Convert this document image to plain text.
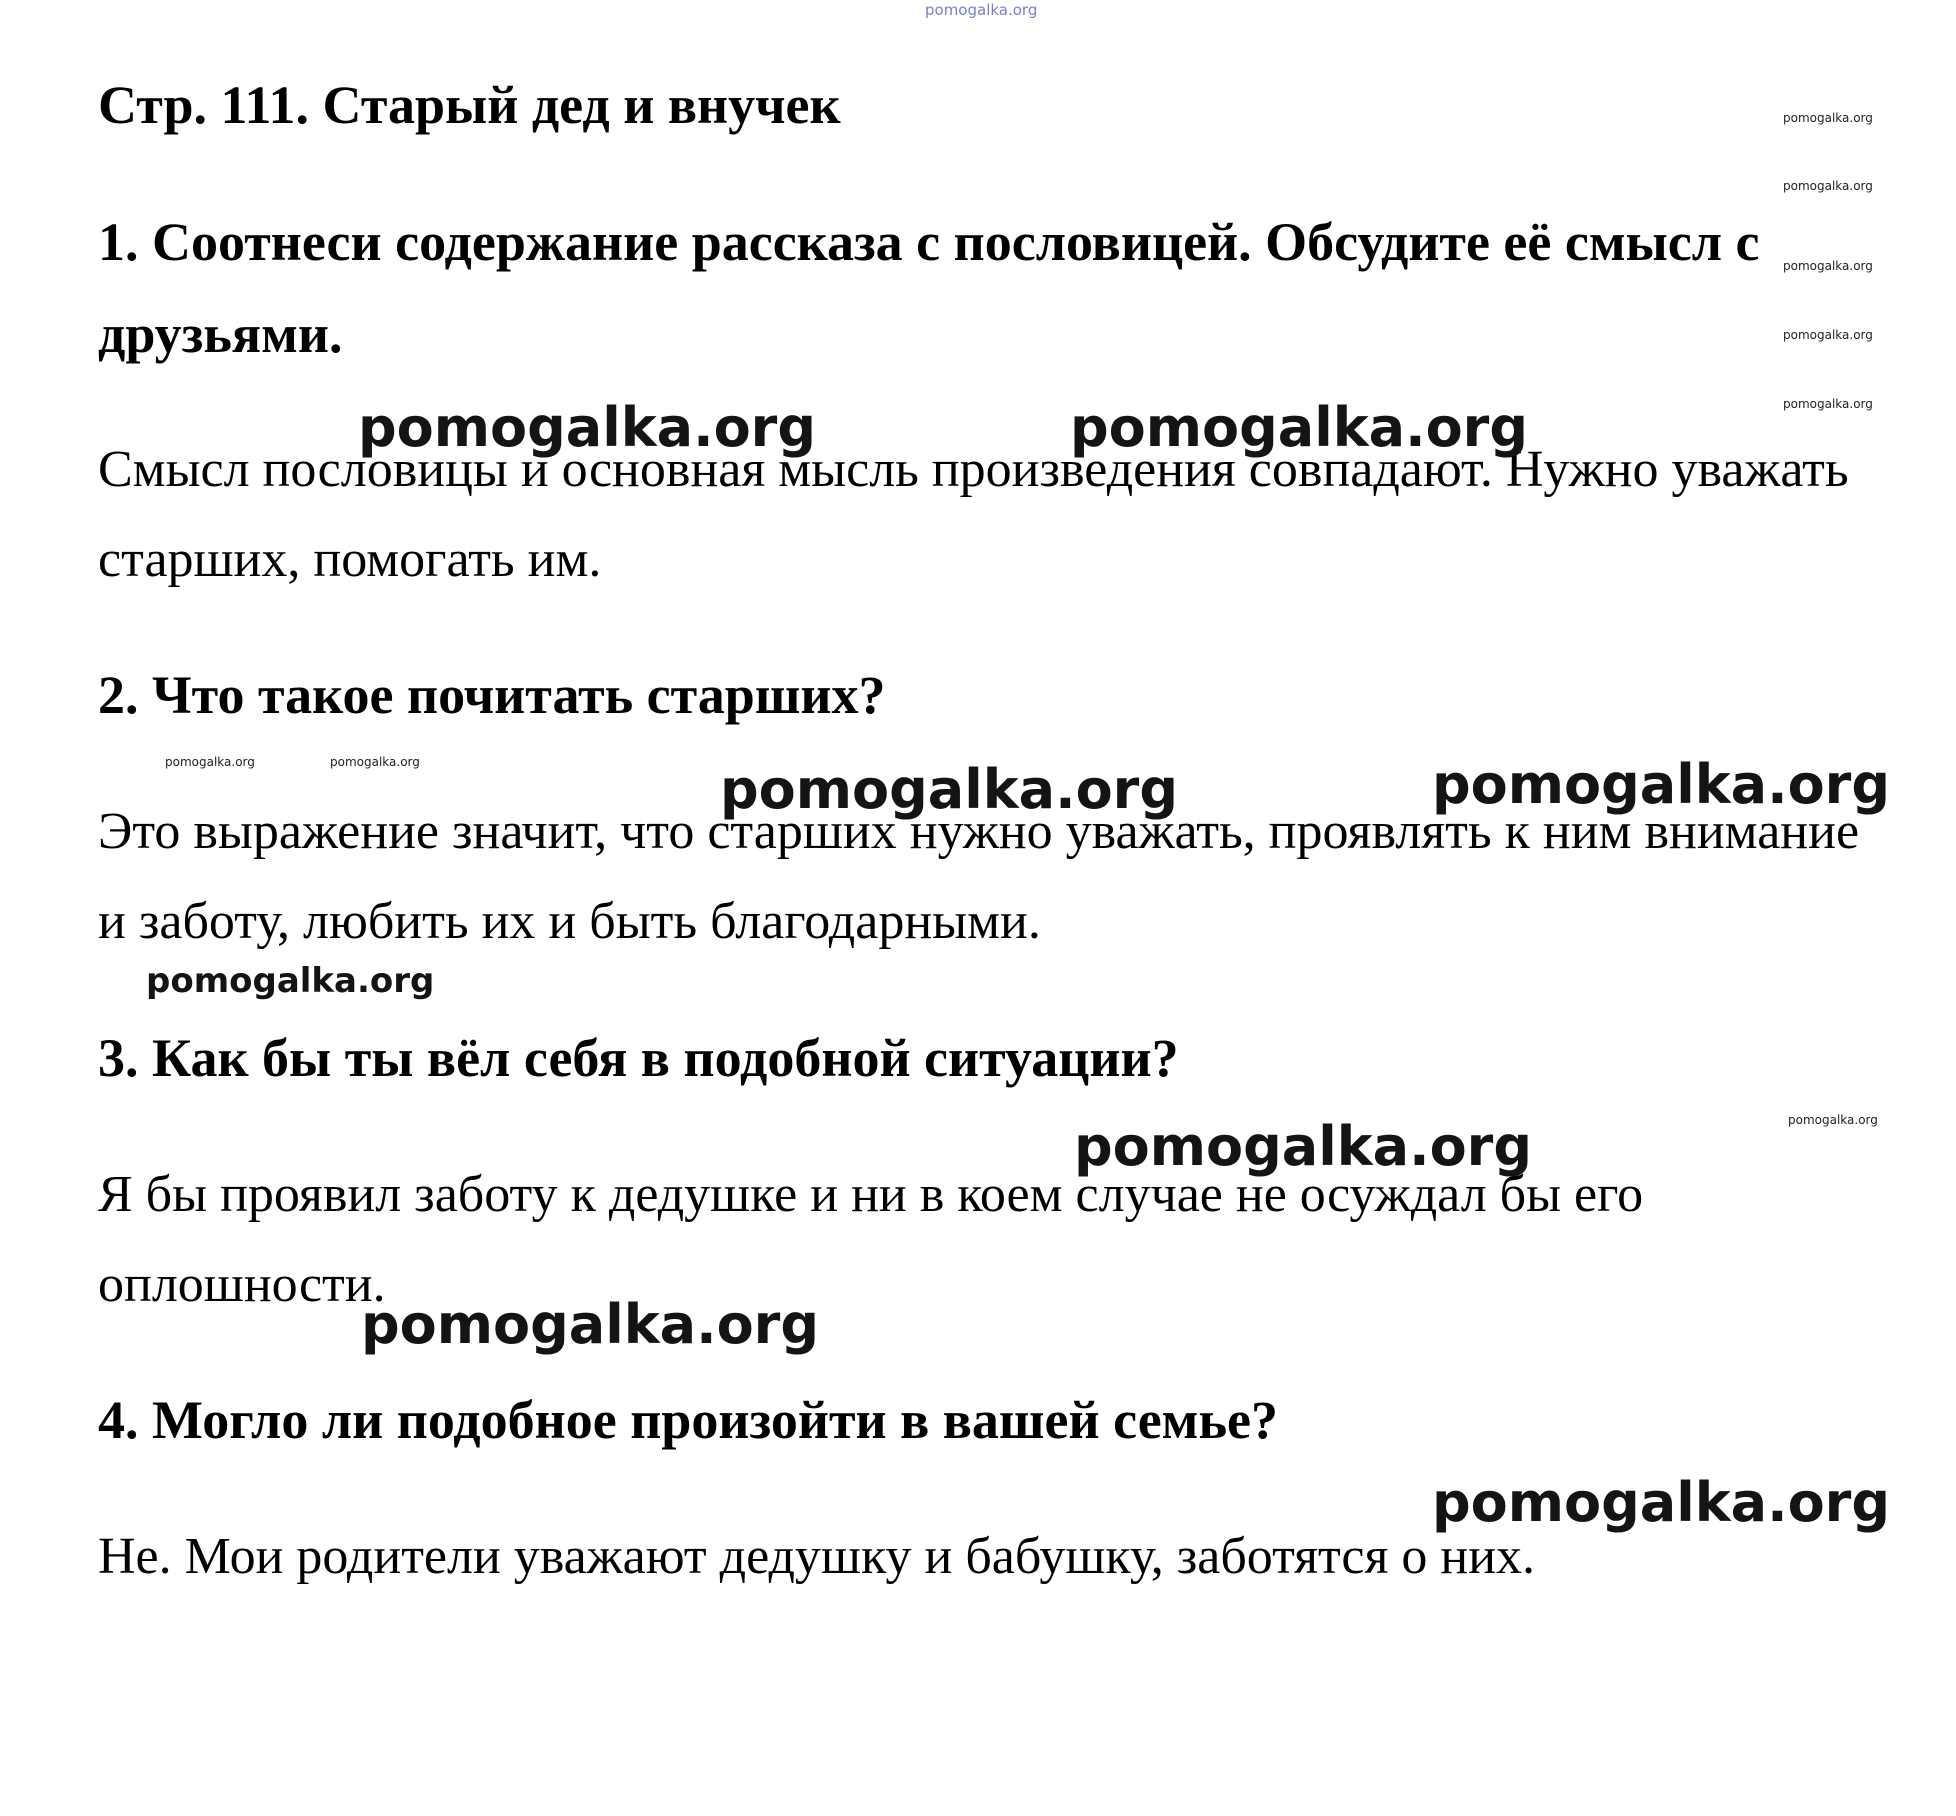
pomogalka.org
Стр. 111. Старый дед и внучек
1. Соотнеси содержание рассказа с пословицей. Обсудите её смысл с друзьями.

Смысл пословицы и основная мысль произведения совпадают. Нужно уважать старших, помогать им.

2. Что такое почитать старших?

Это выражение значит, что старших нужно уважать, проявлять к ним внимание и заботу, любить их и быть благодарными.

3. Как бы ты вёл себя в подобной ситуации?

Я бы проявил заботу к дедушке и ни в коем случае не осуждал бы его оплошности.

4. Могло ли подобное произойти в вашей семье?

Не. Мои родители уважают дедушку и бабушку, заботятся о них.

pomogalka.org
pomogalka.org
pomogalka.org
pomogalka.org
pomogalka.org
pomogalka.org	pomogalka.org
pomogalka.org
pomogalka.org	pomogalka.org
pomogalka.org	pomogalka.org
pomogalka.org
pomogalka.org
pomogalka.org
pomogalka.org
